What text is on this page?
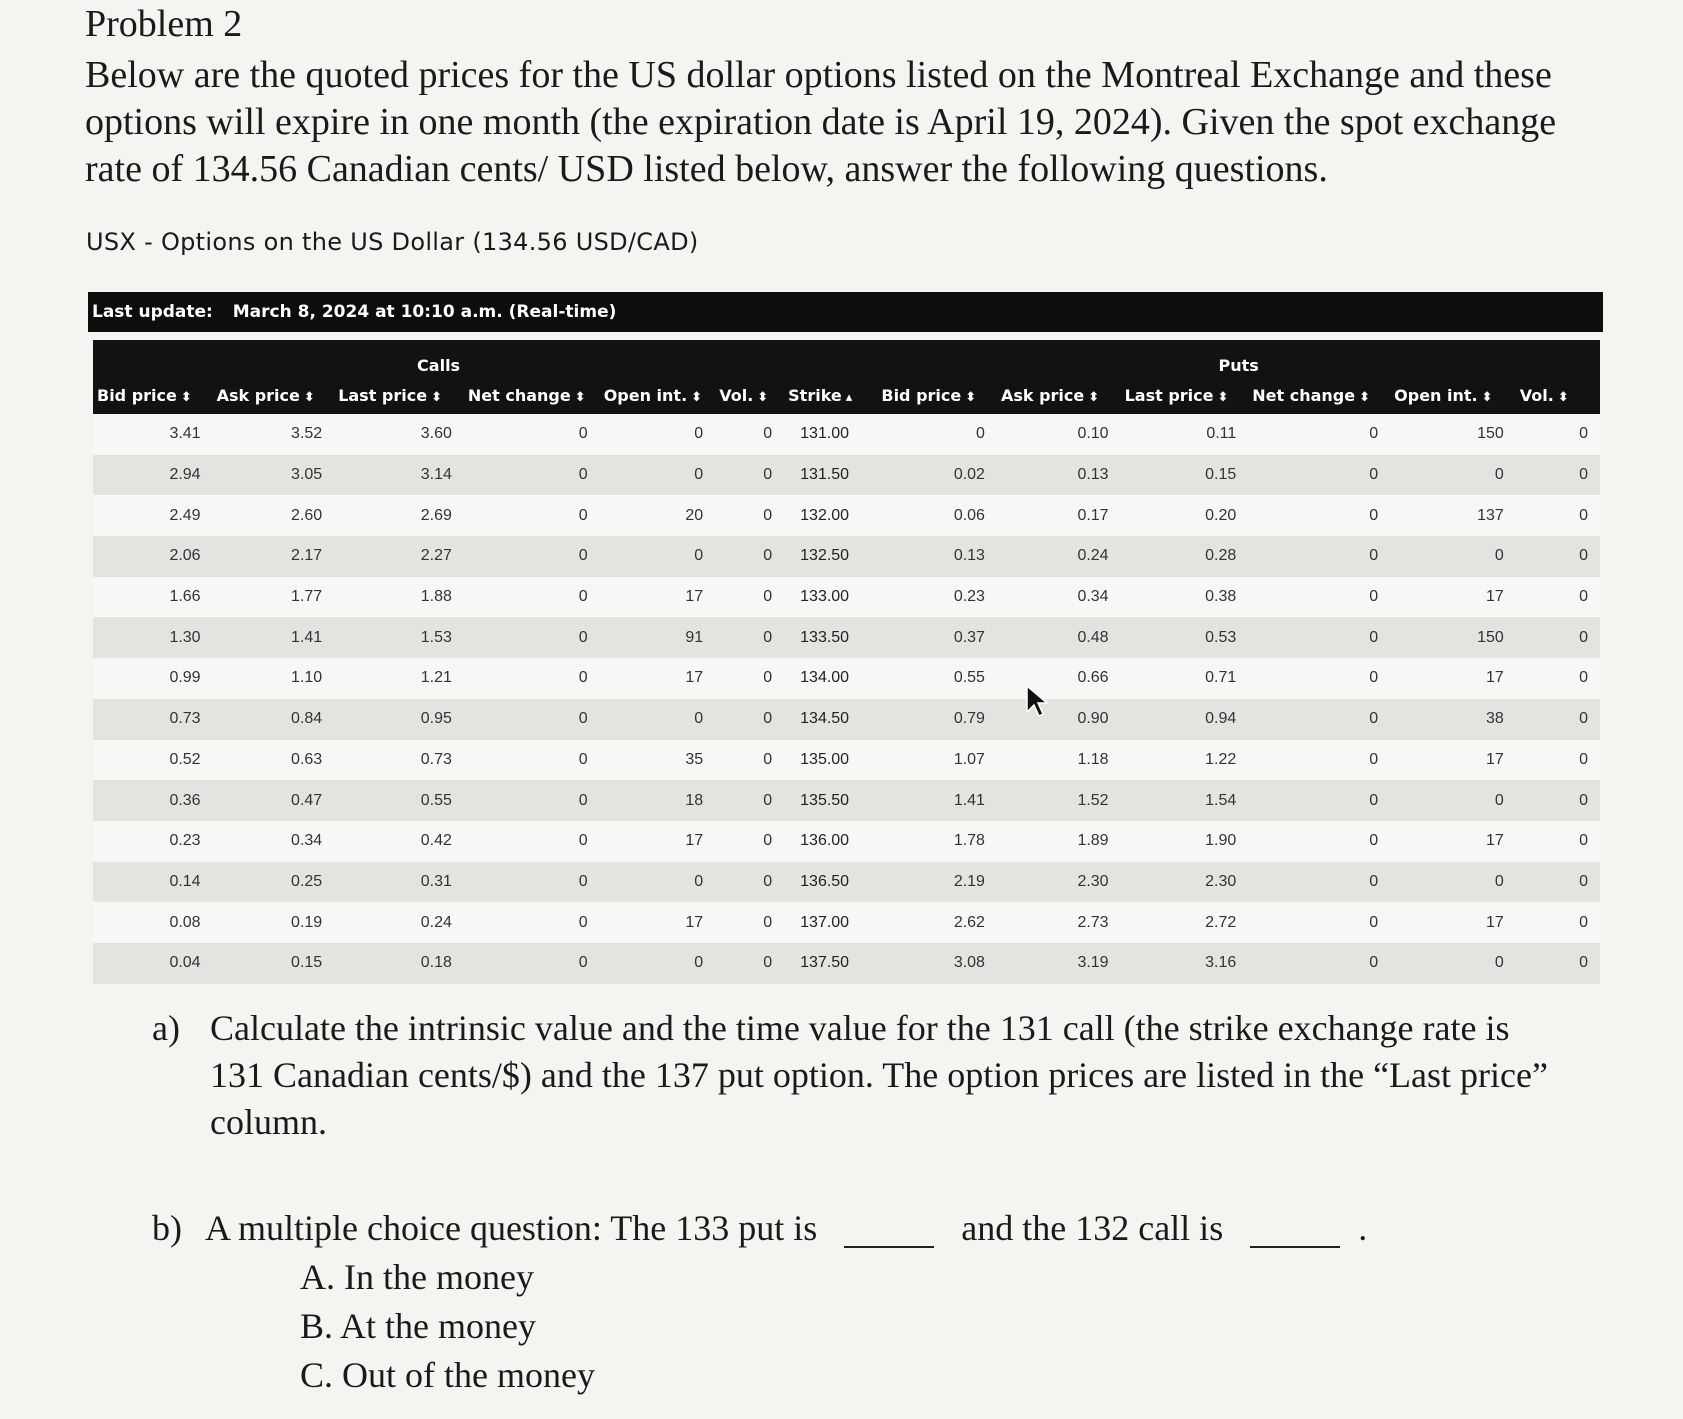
Problem 2

Below are the quoted prices for the US dollar options listed on the Montreal Exchange and these options will expire in one month (the expiration date is April 19, 2024). Given the spot exchange rate of 134.56 Canadian cents/ USD listed below, answer the following questions.

USX - Options on the US Dollar (134.56 USD/CAD)
Last update: March 8, 2024 at 10:10 a.m. (Real-time)
Calls							Puts					
Bid price ⬍	Ask price ⬍	Last price ⬍	Net change ⬍	Open int. ⬍	Vol. ⬍	Strike ▴	Bid price ⬍	Ask price ⬍	Last price ⬍	Net change ⬍	Open int. ⬍	Vol. ⬍
3.41	3.52	3.60	0	0	0	131.00	0	0.10	0.11	0	150	0
2.94	3.05	3.14	0	0	0	131.50	0.02	0.13	0.15	0	0	0
2.49	2.60	2.69	0	20	0	132.00	0.06	0.17	0.20	0	137	0
2.06	2.17	2.27	0	0	0	132.50	0.13	0.24	0.28	0	0	0
1.66	1.77	1.88	0	17	0	133.00	0.23	0.34	0.38	0	17	0
1.30	1.41	1.53	0	91	0	133.50	0.37	0.48	0.53	0	150	0
0.99	1.10	1.21	0	17	0	134.00	0.55	0.66	0.71	0	17	0
0.73	0.84	0.95	0	0	0	134.50	0.79	0.90	0.94	0	38	0
0.52	0.63	0.73	0	35	0	135.00	1.07	1.18	1.22	0	17	0
0.36	0.47	0.55	0	18	0	135.50	1.41	1.52	1.54	0	0	0
0.23	0.34	0.42	0	17	0	136.00	1.78	1.89	1.90	0	17	0
0.14	0.25	0.31	0	0	0	136.50	2.19	2.30	2.30	0	0	0
0.08	0.19	0.24	0	17	0	137.00	2.62	2.73	2.72	0	17	0
0.04	0.15	0.18	0	0	0	137.50	3.08	3.19	3.16	0	0	0
a) Calculate the intrinsic value and the time value for the 131 call (the strike exchange rate is 131 Canadian cents/$) and the 137 put option. The option prices are listed in the “Last price” column.
b) A multiple choice question: The 133 put is	and the 132 call is	.
A. In the money
B. At the money
C. Out of the money
